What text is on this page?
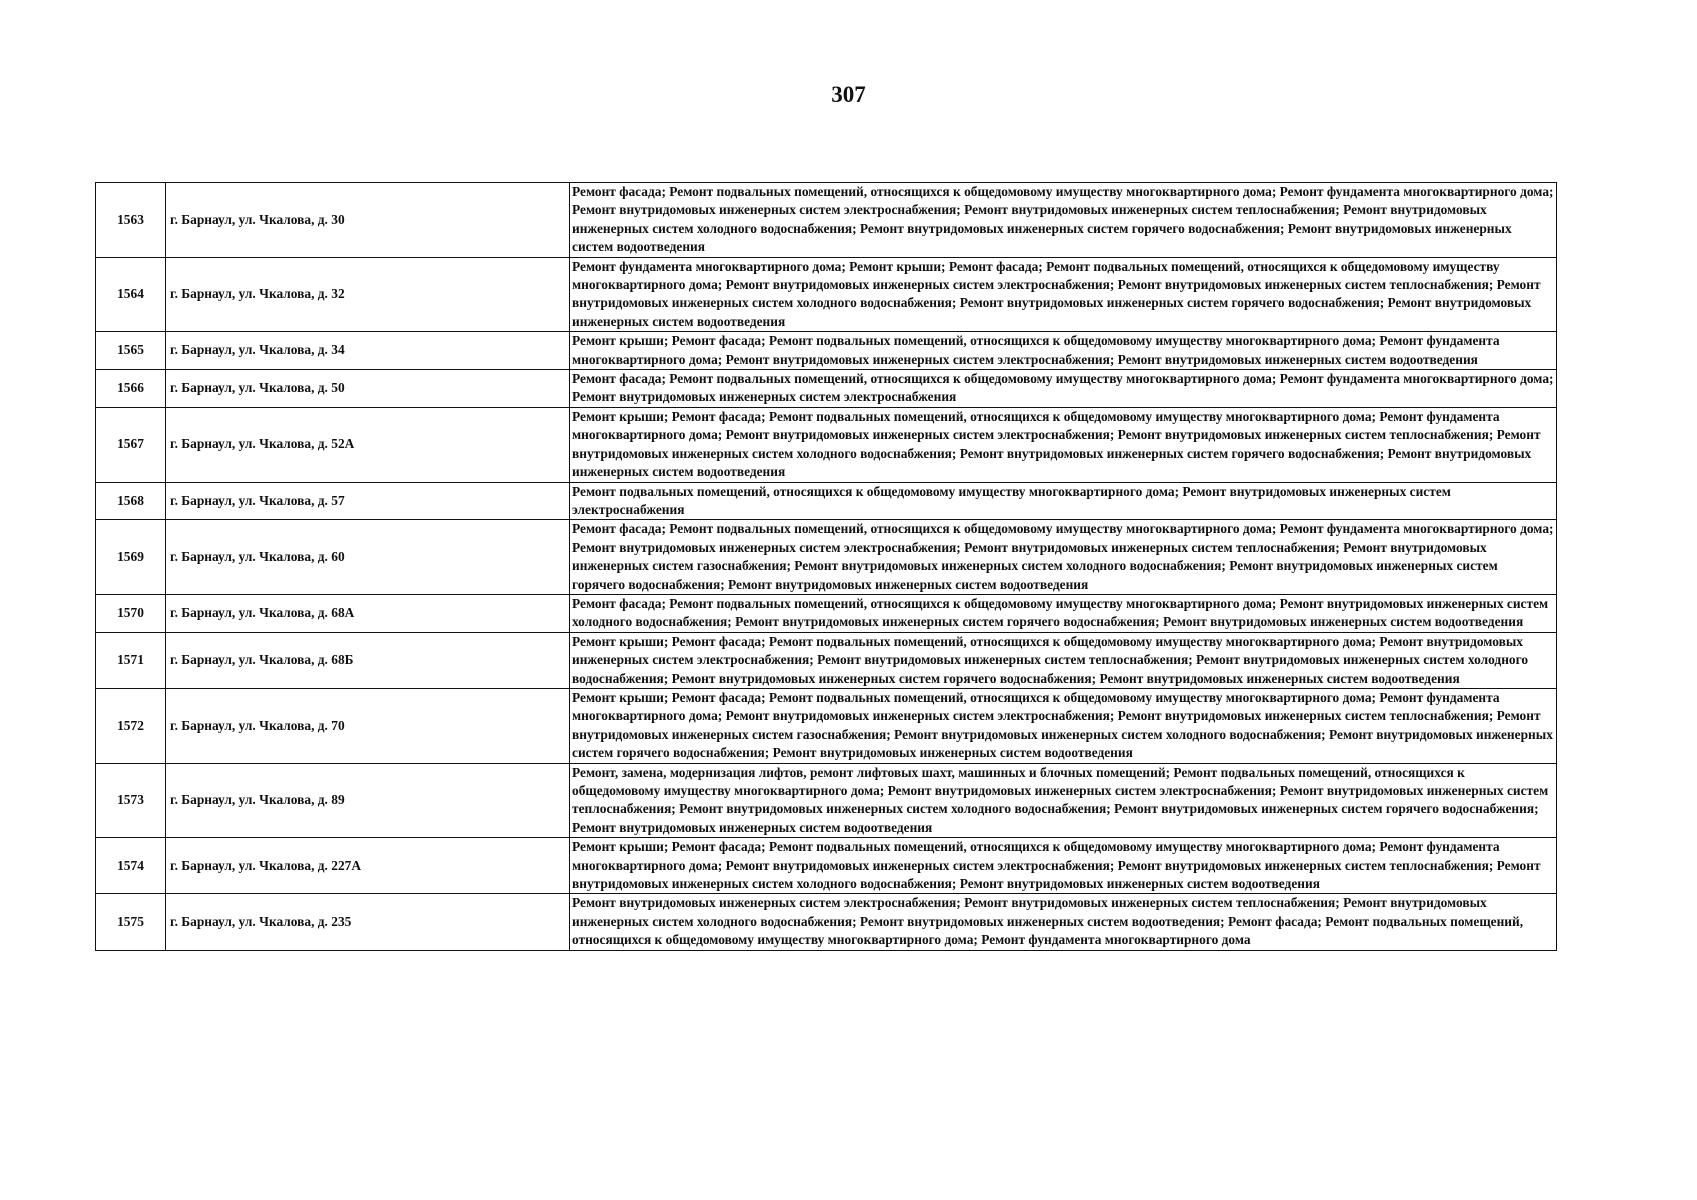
307
1563	г. Барнаул, ул. Чкалова, д. 30	Ремонт фасада; Ремонт подвальных помещений, относящихся к общедомовому имуществу многоквартирного дома; Ремонт фундамента многоквартирного дома; Ремонт внутридомовых инженерных систем электроснабжения; Ремонт внутридомовых инженерных систем теплоснабжения; Ремонт внутридомовых инженерных систем холодного водоснабжения; Ремонт внутридомовых инженерных систем горячего водоснабжения; Ремонт внутридомовых инженерных систем водоотведения
1564	г. Барнаул, ул. Чкалова, д. 32	Ремонт фундамента многоквартирного дома; Ремонт крыши; Ремонт фасада; Ремонт подвальных помещений, относящихся к общедомовому имуществу многоквартирного дома; Ремонт внутридомовых инженерных систем электроснабжения; Ремонт внутридомовых инженерных систем теплоснабжения; Ремонт внутридомовых инженерных систем холодного водоснабжения; Ремонт внутридомовых инженерных систем горячего водоснабжения; Ремонт внутридомовых инженерных систем водоотведения
1565	г. Барнаул, ул. Чкалова, д. 34	Ремонт крыши; Ремонт фасада; Ремонт подвальных помещений, относящихся к общедомовому имуществу многоквартирного дома; Ремонт фундамента многоквартирного дома; Ремонт внутридомовых инженерных систем электроснабжения; Ремонт внутридомовых инженерных систем водоотведения
1566	г. Барнаул, ул. Чкалова, д. 50	Ремонт фасада; Ремонт подвальных помещений, относящихся к общедомовому имуществу многоквартирного дома; Ремонт фундамента многоквартирного дома; Ремонт внутридомовых инженерных систем электроснабжения
1567	г. Барнаул, ул. Чкалова, д. 52А	Ремонт крыши; Ремонт фасада; Ремонт подвальных помещений, относящихся к общедомовому имуществу многоквартирного дома; Ремонт фундамента многоквартирного дома; Ремонт внутридомовых инженерных систем электроснабжения; Ремонт внутридомовых инженерных систем теплоснабжения; Ремонт внутридомовых инженерных систем холодного водоснабжения; Ремонт внутридомовых инженерных систем горячего водоснабжения; Ремонт внутридомовых инженерных систем водоотведения
1568	г. Барнаул, ул. Чкалова, д. 57	Ремонт подвальных помещений, относящихся к общедомовому имуществу многоквартирного дома; Ремонт внутридомовых инженерных систем электроснабжения
1569	г. Барнаул, ул. Чкалова, д. 60	Ремонт фасада; Ремонт подвальных помещений, относящихся к общедомовому имуществу многоквартирного дома; Ремонт фундамента многоквартирного дома; Ремонт внутридомовых инженерных систем электроснабжения; Ремонт внутридомовых инженерных систем теплоснабжения; Ремонт внутридомовых инженерных систем газоснабжения; Ремонт внутридомовых инженерных систем холодного водоснабжения; Ремонт внутридомовых инженерных систем горячего водоснабжения; Ремонт внутридомовых инженерных систем водоотведения
1570	г. Барнаул, ул. Чкалова, д. 68А	Ремонт фасада; Ремонт подвальных помещений, относящихся к общедомовому имуществу многоквартирного дома; Ремонт внутридомовых инженерных систем холодного водоснабжения; Ремонт внутридомовых инженерных систем горячего водоснабжения; Ремонт внутридомовых инженерных систем водоотведения
1571	г. Барнаул, ул. Чкалова, д. 68Б	Ремонт крыши; Ремонт фасада; Ремонт подвальных помещений, относящихся к общедомовому имуществу многоквартирного дома; Ремонт внутридомовых инженерных систем электроснабжения; Ремонт внутридомовых инженерных систем теплоснабжения; Ремонт внутридомовых инженерных систем холодного водоснабжения; Ремонт внутридомовых инженерных систем горячего водоснабжения; Ремонт внутридомовых инженерных систем водоотведения
1572	г. Барнаул, ул. Чкалова, д. 70	Ремонт крыши; Ремонт фасада; Ремонт подвальных помещений, относящихся к общедомовому имуществу многоквартирного дома; Ремонт фундамента многоквартирного дома; Ремонт внутридомовых инженерных систем электроснабжения; Ремонт внутридомовых инженерных систем теплоснабжения; Ремонт внутридомовых инженерных систем газоснабжения; Ремонт внутридомовых инженерных систем холодного водоснабжения; Ремонт внутридомовых инженерных систем горячего водоснабжения; Ремонт внутридомовых инженерных систем водоотведения
1573	г. Барнаул, ул. Чкалова, д. 89	Ремонт, замена, модернизация лифтов, ремонт лифтовых шахт, машинных и блочных помещений; Ремонт подвальных помещений, относящихся к общедомовому имуществу многоквартирного дома; Ремонт внутридомовых инженерных систем электроснабжения; Ремонт внутридомовых инженерных систем теплоснабжения; Ремонт внутридомовых инженерных систем холодного водоснабжения; Ремонт внутридомовых инженерных систем горячего водоснабжения; Ремонт внутридомовых инженерных систем водоотведения
1574	г. Барнаул, ул. Чкалова, д. 227А	Ремонт крыши; Ремонт фасада; Ремонт подвальных помещений, относящихся к общедомовому имуществу многоквартирного дома; Ремонт фундамента многоквартирного дома; Ремонт внутридомовых инженерных систем электроснабжения; Ремонт внутридомовых инженерных систем теплоснабжения; Ремонт внутридомовых инженерных систем холодного водоснабжения; Ремонт внутридомовых инженерных систем водоотведения
1575	г. Барнаул, ул. Чкалова, д. 235	Ремонт внутридомовых инженерных систем электроснабжения; Ремонт внутридомовых инженерных систем теплоснабжения; Ремонт внутридомовых инженерных систем холодного водоснабжения; Ремонт внутридомовых инженерных систем водоотведения; Ремонт фасада; Ремонт подвальных помещений, относящихся к общедомовому имуществу многоквартирного дома; Ремонт фундамента многоквартирного дома
